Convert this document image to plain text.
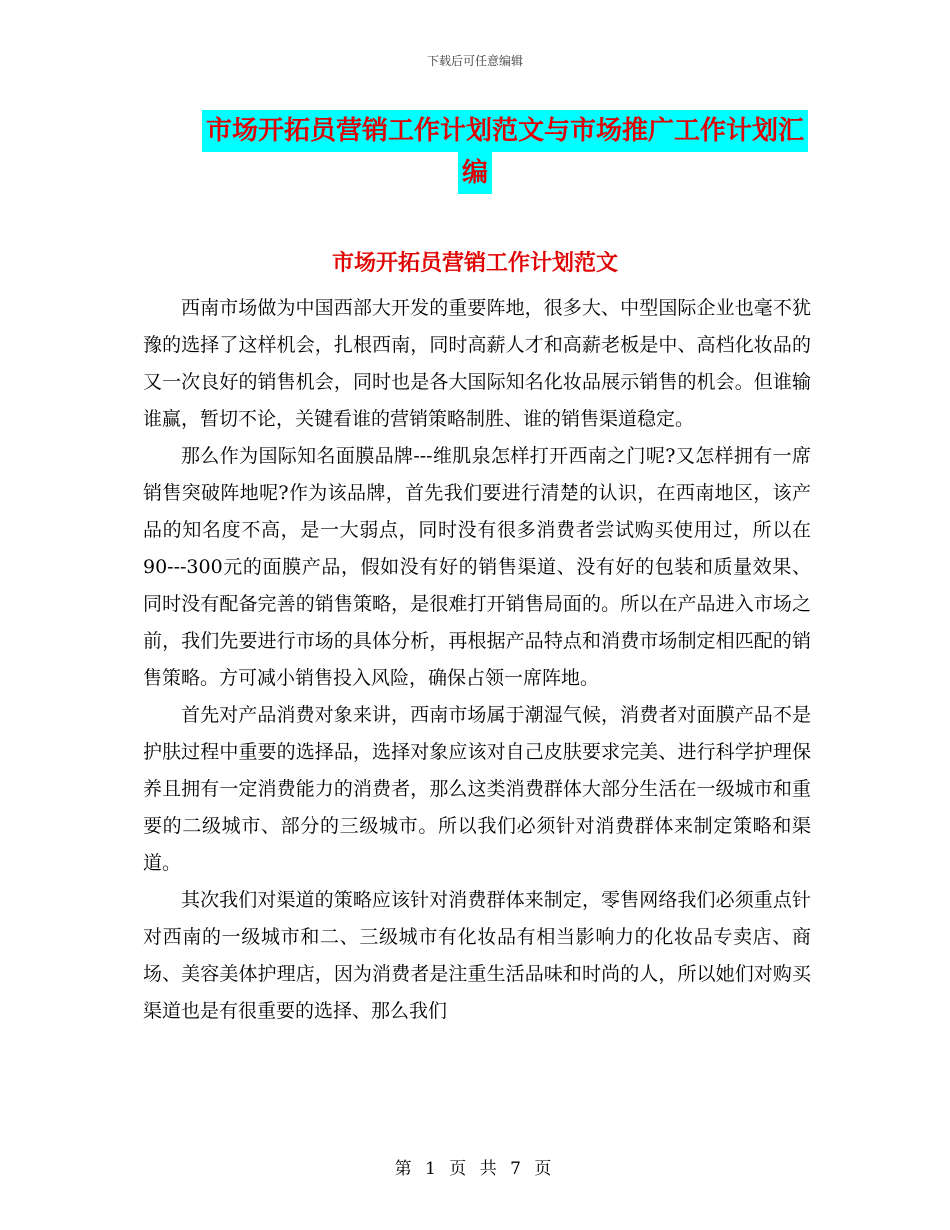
下载后可任意编辑
市场开拓员营销工作计划范文与市场推广工作计划汇
编
市场开拓员营销工作计划范文

西南市场做为中国西部大开发的重要阵地，很多大、中型国际企业也毫不犹豫的选择了这样机会，扎根西南，同时高薪人才和高薪老板是中、高档化妆品的又一次良好的销售机会，同时也是各大国际知名化妆品展示销售的机会。但谁输谁赢，暂切不论，关键看谁的营销策略制胜、谁的销售渠道稳定。

那么作为国际知名面膜品牌---维肌泉怎样打开西南之门呢?又怎样拥有一席销售突破阵地呢?作为该品牌，首先我们要进行清楚的认识，在西南地区，该产品的知名度不高，是一大弱点，同时没有很多消费者尝试购买使用过，所以在90---300元的面膜产品，假如没有好的销售渠道、没有好的包装和质量效果、同时没有配备完善的销售策略，是很难打开销售局面的。所以在产品进入市场之前，我们先要进行市场的具体分析，再根据产品特点和消费市场制定相匹配的销售策略。方可减小销售投入风险，确保占领一席阵地。

首先对产品消费对象来讲，西南市场属于潮湿气候，消费者对面膜产品不是护肤过程中重要的选择品，选择对象应该对自己皮肤要求完美、进行科学护理保养且拥有一定消费能力的消费者，那么这类消费群体大部分生活在一级城市和重要的二级城市、部分的三级城市。所以我们必须针对消费群体来制定策略和渠道。

其次我们对渠道的策略应该针对消费群体来制定，零售网络我们必须重点针对西南的一级城市和二、三级城市有化妆品有相当影响力的化妆品专卖店、商场、美容美体护理店，因为消费者是注重生活品味和时尚的人，所以她们对购买渠道也是有很重要的选择、那么我们

第 1 页 共 7 页
